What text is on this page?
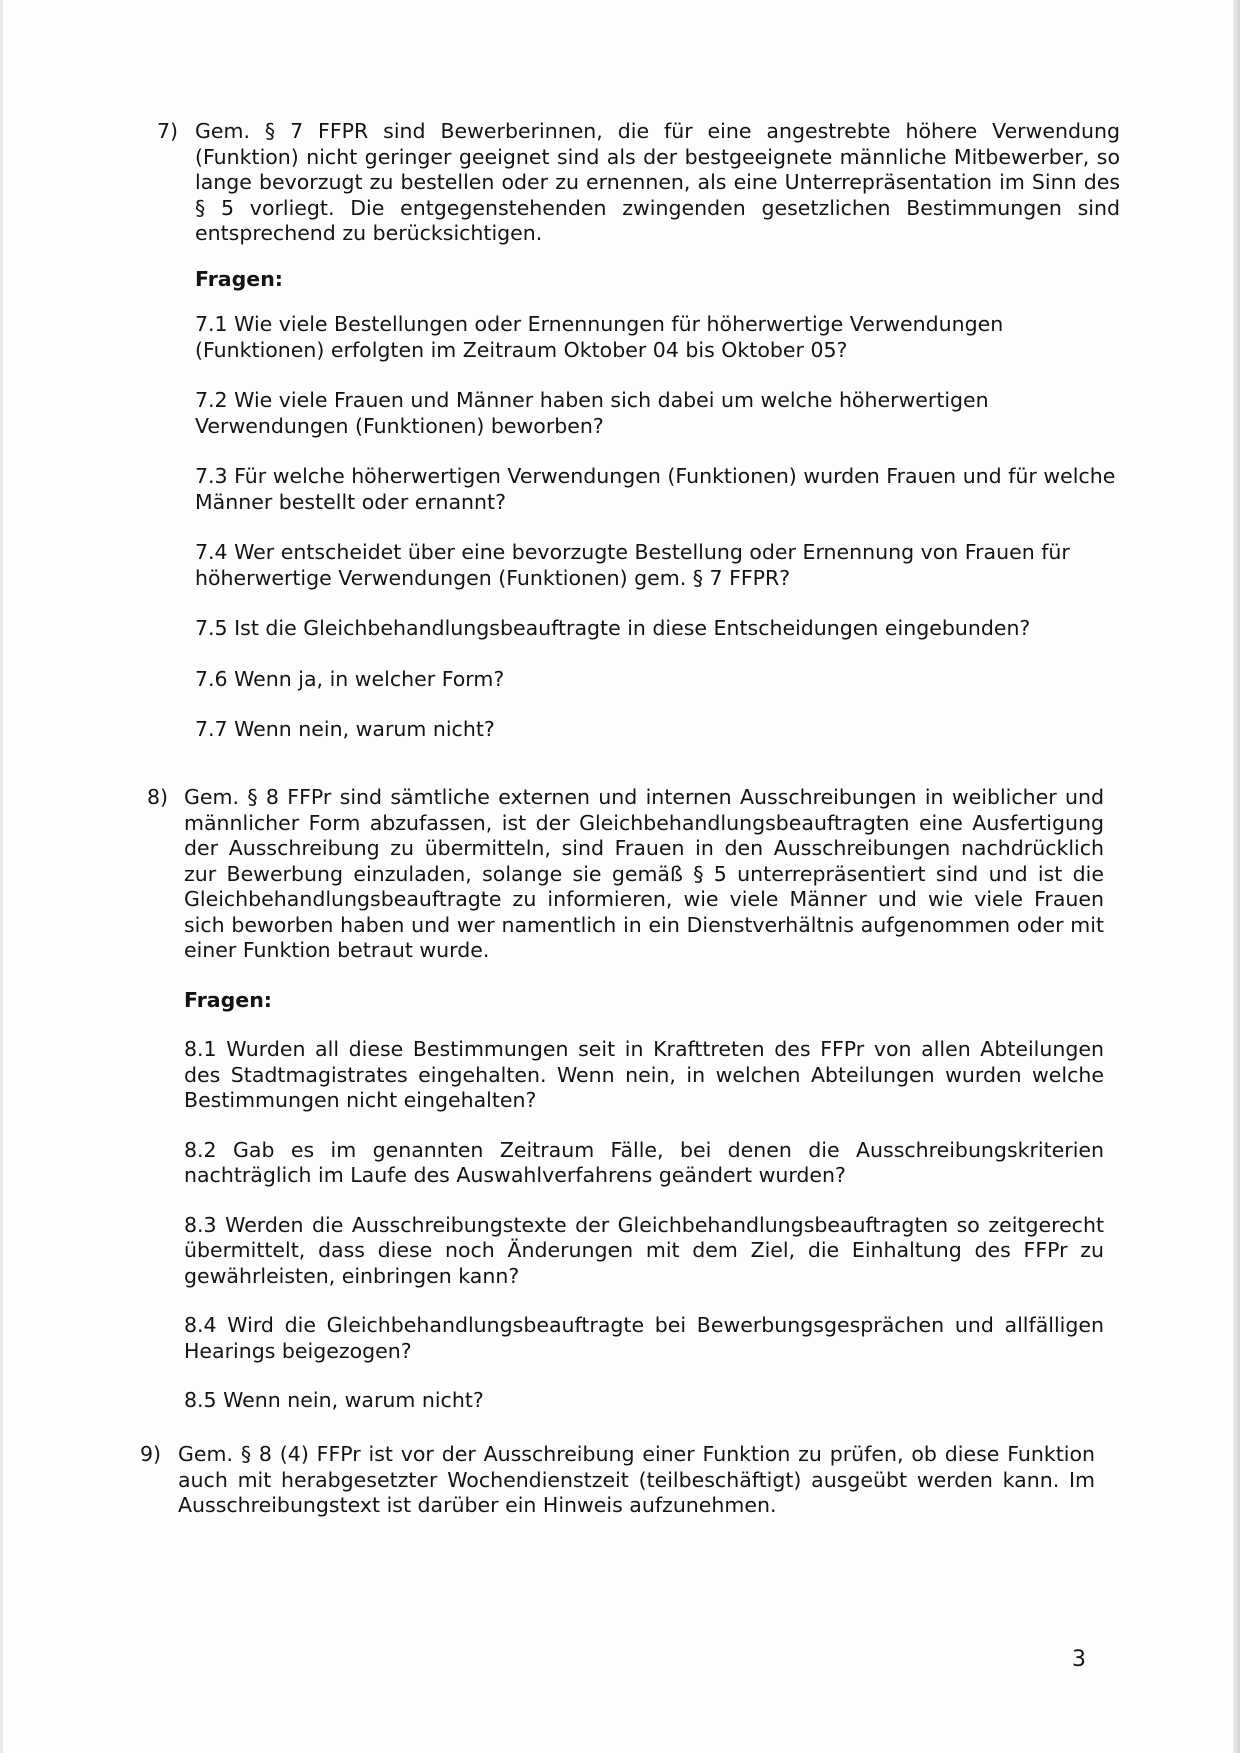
7) Gem. § 7 FFPR sind Bewerberinnen, die für eine angestrebte höhere Verwendung (Funktion) nicht geringer geeignet sind als der bestgeeignete männliche Mitbewerber, so lange bevorzugt zu bestellen oder zu ernennen, als eine Unterrepräsentation im Sinn des § 5 vorliegt. Die entgegenstehenden zwingenden gesetzlichen Bestimmungen sind entsprechend zu berücksichtigen.

Fragen:

7.1 Wie viele Bestellungen oder Ernennungen für höherwertige Verwendungen (Funktionen) erfolgten im Zeitraum Oktober 04 bis Oktober 05?

7.2 Wie viele Frauen und Männer haben sich dabei um welche höherwertigen Verwendungen (Funktionen) beworben?

7.3 Für welche höherwertigen Verwendungen (Funktionen) wurden Frauen und für welche Männer bestellt oder ernannt?

7.4 Wer entscheidet über eine bevorzugte Bestellung oder Ernennung von Frauen für höherwertige Verwendungen (Funktionen) gem. § 7 FFPR?

7.5 Ist die Gleichbehandlungsbeauftragte in diese Entscheidungen eingebunden?

7.6 Wenn ja, in welcher Form?

7.7 Wenn nein, warum nicht?

8) Gem. § 8 FFPr sind sämtliche externen und internen Ausschreibungen in weiblicher und männlicher Form abzufassen, ist der Gleichbehandlungsbeauftragten eine Ausfertigung der Ausschreibung zu übermitteln, sind Frauen in den Ausschreibungen nachdrücklich zur Bewerbung einzuladen, solange sie gemäß § 5 unterrepräsentiert sind und ist die Gleichbehandlungsbeauftragte zu informieren, wie viele Männer und wie viele Frauen sich beworben haben und wer namentlich in ein Dienstverhältnis aufgenommen oder mit einer Funktion betraut wurde.

Fragen:

8.1 Wurden all diese Bestimmungen seit in Krafttreten des FFPr von allen Abteilungen des Stadtmagistrates eingehalten. Wenn nein, in welchen Abteilungen wurden welche Bestimmungen nicht eingehalten?

8.2 Gab es im genannten Zeitraum Fälle, bei denen die Ausschreibungskriterien nachträglich im Laufe des Auswahlverfahrens geändert wurden?

8.3 Werden die Ausschreibungstexte der Gleichbehandlungsbeauftragten so zeitgerecht übermittelt, dass diese noch Änderungen mit dem Ziel, die Einhaltung des FFPr zu gewährleisten, einbringen kann?

8.4 Wird die Gleichbehandlungsbeauftragte bei Bewerbungsgesprächen und allfälligen Hearings beigezogen?

8.5 Wenn nein, warum nicht?

9) Gem. § 8 (4) FFPr ist vor der Ausschreibung einer Funktion zu prüfen, ob diese Funktion auch mit herabgesetzter Wochendienstzeit (teilbeschäftigt) ausgeübt werden kann. Im Ausschreibungstext ist darüber ein Hinweis aufzunehmen.

3
